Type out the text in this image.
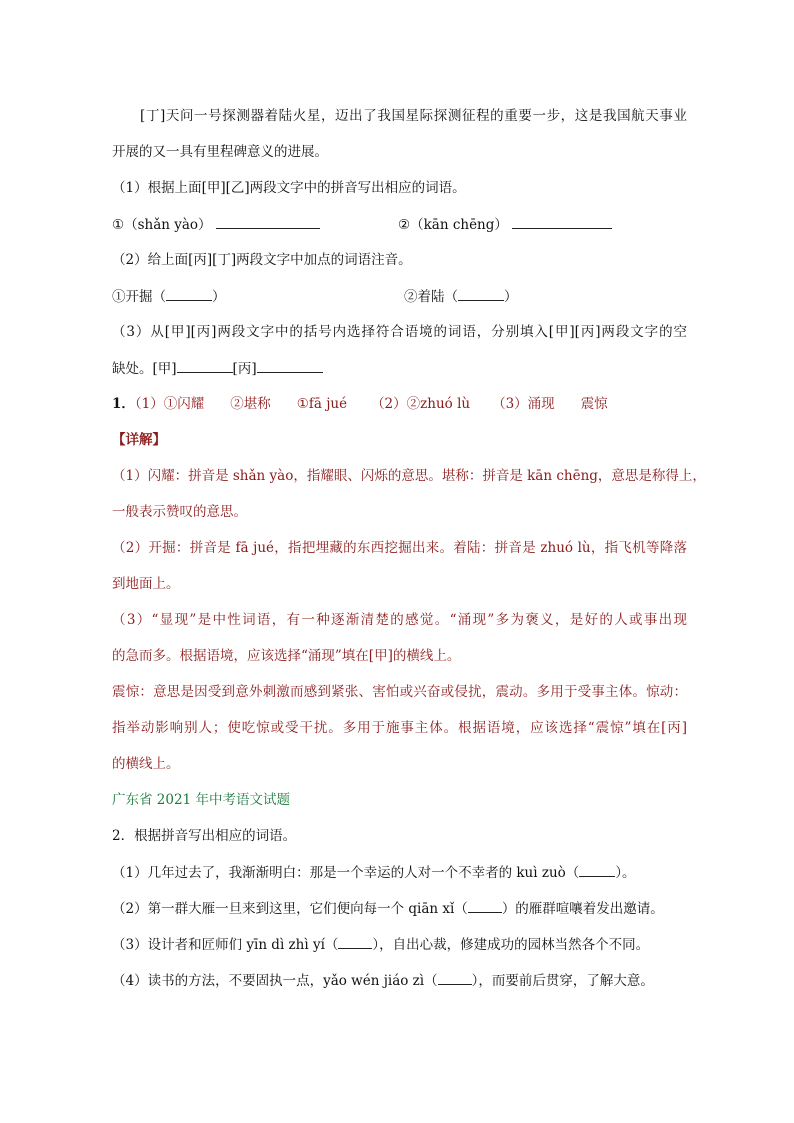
[丁]天问一号探测器着陆火星，迈出了我国星际探测征程的重要一步，这是我国航天事业
开展的又一具有里程碑意义的进展。
（1）根据上面[甲][乙]两段文字中的拼音写出相应的词语。
①（shǎn yào）	②（kān chēng）
（2）给上面[丙][丁]两段文字中加点的词语注音。
①开掘（	）	②着陆（	）
（3）从[甲][丙]两段文字中的括号内选择符合语境的词语，分别填入[甲][丙]两段文字的空
缺处。[甲]	[丙]
1．（1）①闪耀 ②堪称 ①fā jué （2）②zhuó lù （3）涌现 震惊
【详解】
（1）闪耀：拼音是 shǎn yào，指耀眼、闪烁的意思。堪称：拼音是 kān chēng，意思是称得上，
一般表示赞叹的意思。
（2）开掘：拼音是 fā jué，指把埋藏的东西挖掘出来。着陆：拼音是 zhuó lù，指飞机等降落
到地面上。
（3）“显现”是中性词语，有一种逐渐清楚的感觉。“涌现”多为褒义，是好的人或事出现
的急而多。根据语境，应该选择“涌现”填在[甲]的横线上。
震惊：意思是因受到意外刺激而感到紧张、害怕或兴奋或侵扰，震动。多用于受事主体。惊动：
指举动影响别人；使吃惊或受干扰。多用于施事主体。根据语境，应该选择“震惊”填在[丙]
的横线上。
广东省 2021 年中考语文试题
2．根据拼音写出相应的词语。
（1）几年过去了，我渐渐明白：那是一个幸运的人对一个不幸者的 kuì zuò（	）。
（2）第一群大雁一旦来到这里，它们便向每一个 qiān xǐ（	）的雁群喧嚷着发出邀请。
（3）设计者和匠师们 yīn dì zhì yí（	），自出心裁，修建成功的园林当然各个不同。
（4）读书的方法，不要固执一点，yǎo wén jiáo zì（	），而要前后贯穿，了解大意。
